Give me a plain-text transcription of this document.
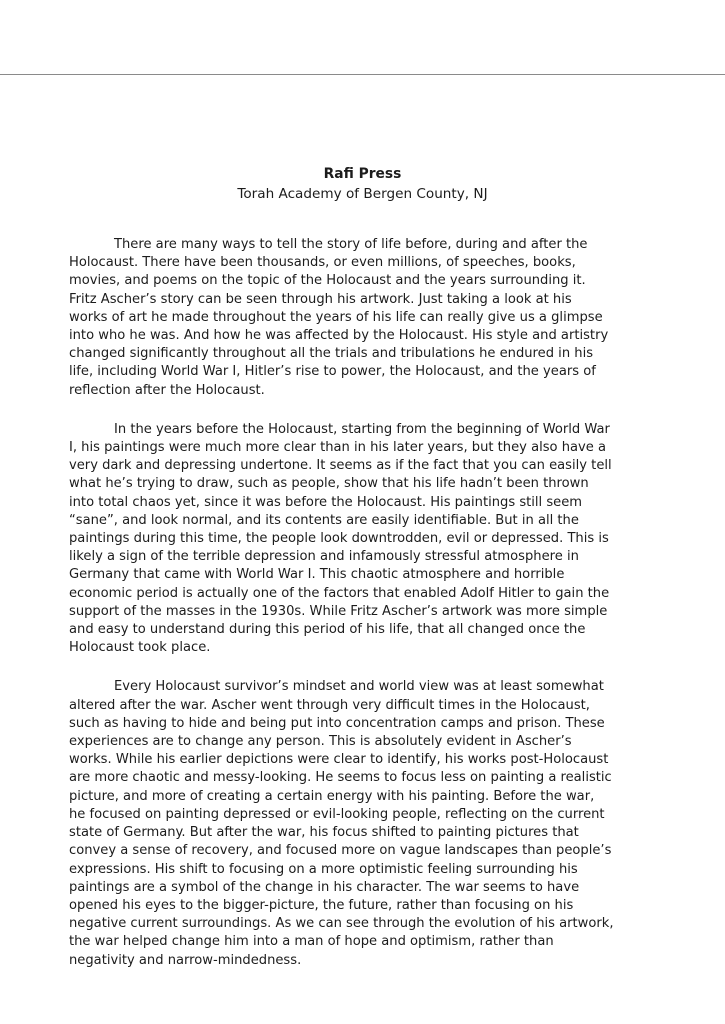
Rafi Press
Torah Academy of Bergen County, NJ

There are many ways to tell the story of life before, during and after the
Holocaust. There have been thousands, or even millions, of speeches, books,
movies, and poems on the topic of the Holocaust and the years surrounding it.
Fritz Ascher’s story can be seen through his artwork. Just taking a look at his
works of art he made throughout the years of his life can really give us a glimpse
into who he was. And how he was affected by the Holocaust. His style and artistry
changed significantly throughout all the trials and tribulations he endured in his
life, including World War I, Hitler’s rise to power, the Holocaust, and the years of
reflection after the Holocaust.

In the years before the Holocaust, starting from the beginning of World War
I, his paintings were much more clear than in his later years, but they also have a
very dark and depressing undertone. It seems as if the fact that you can easily tell
what he’s trying to draw, such as people, show that his life hadn’t been thrown
into total chaos yet, since it was before the Holocaust. His paintings still seem
“sane”, and look normal, and its contents are easily identifiable. But in all the
paintings during this time, the people look downtrodden, evil or depressed. This is
likely a sign of the terrible depression and infamously stressful atmosphere in
Germany that came with World War I. This chaotic atmosphere and horrible
economic period is actually one of the factors that enabled Adolf Hitler to gain the
support of the masses in the 1930s. While Fritz Ascher’s artwork was more simple
and easy to understand during this period of his life, that all changed once the
Holocaust took place.

Every Holocaust survivor’s mindset and world view was at least somewhat
altered after the war. Ascher went through very difficult times in the Holocaust,
such as having to hide and being put into concentration camps and prison. These
experiences are to change any person. This is absolutely evident in Ascher’s
works. While his earlier depictions were clear to identify, his works post-Holocaust
are more chaotic and messy-looking. He seems to focus less on painting a realistic
picture, and more of creating a certain energy with his painting. Before the war,
he focused on painting depressed or evil-looking people, reflecting on the current
state of Germany. But after the war, his focus shifted to painting pictures that
convey a sense of recovery, and focused more on vague landscapes than people’s
expressions. His shift to focusing on a more optimistic feeling surrounding his
paintings are a symbol of the change in his character. The war seems to have
opened his eyes to the bigger-picture, the future, rather than focusing on his
negative current surroundings. As we can see through the evolution of his artwork,
the war helped change him into a man of hope and optimism, rather than
negativity and narrow-mindedness.
